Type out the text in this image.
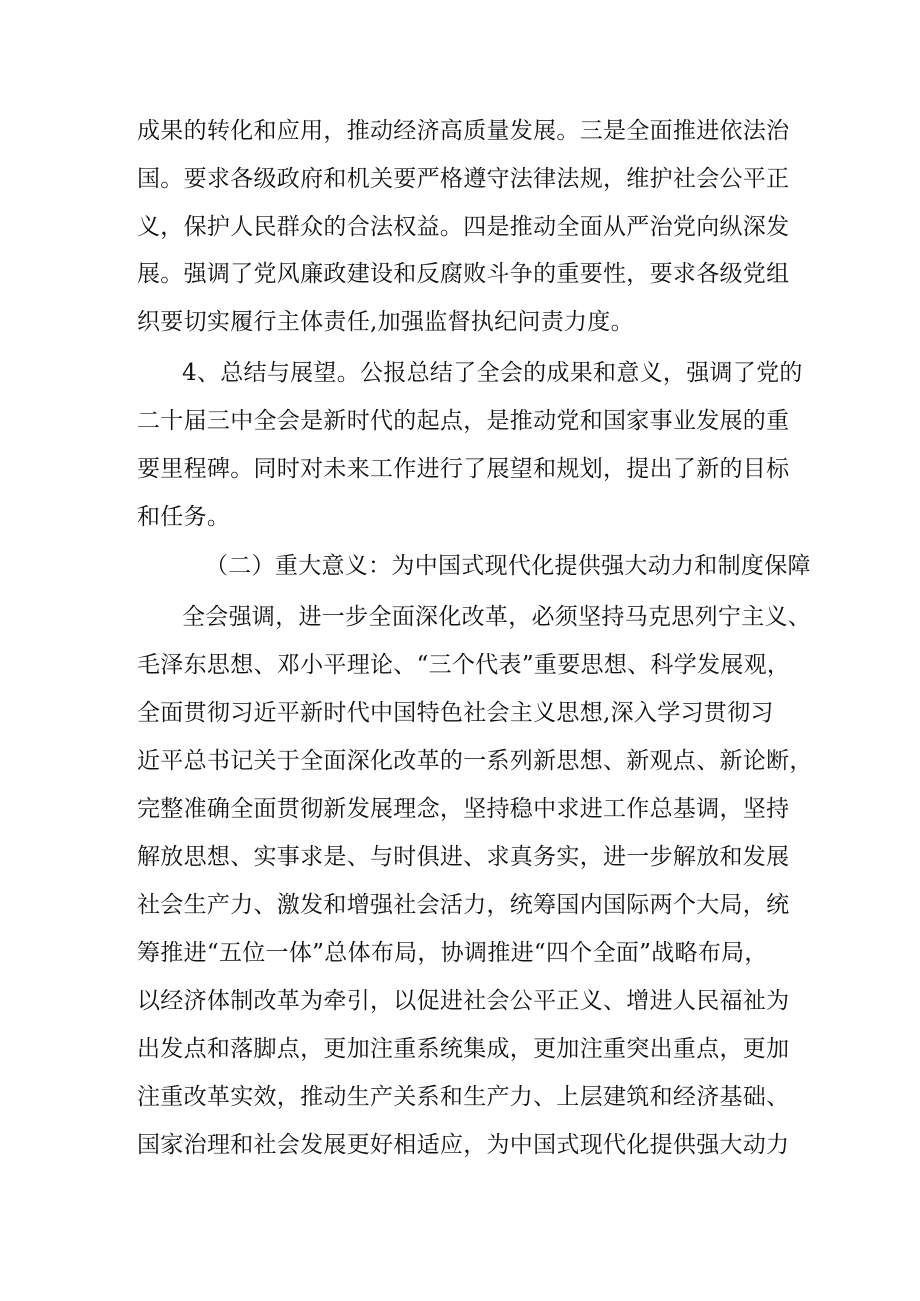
成果的转化和应用，推动经济高质量发展。三是全面推进依法治
国。要求各级政府和机关要严格遵守法律法规，维护社会公平正
义，保护人民群众的合法权益。四是推动全面从严治党向纵深发
展。强调了党风廉政建设和反腐败斗争的重要性，要求各级党组
织要切实履行主体责任,加强监督执纪问责力度。
4、总结与展望。公报总结了全会的成果和意义，强调了党的
二十届三中全会是新时代的起点，是推动党和国家事业发展的重
要里程碑。同时对未来工作进行了展望和规划，提出了新的目标
和任务。
（二）重大意义：为中国式现代化提供强大动力和制度保障
全会强调，进一步全面深化改革，必须坚持马克思列宁主义、
毛泽东思想、邓小平理论、“三个代表”重要思想、科学发展观，
全面贯彻习近平新时代中国特色社会主义思想,深入学习贯彻习
近平总书记关于全面深化改革的一系列新思想、新观点、新论断，
完整准确全面贯彻新发展理念，坚持稳中求进工作总基调，坚持
解放思想、实事求是、与时俱进、求真务实，进一步解放和发展
社会生产力、激发和增强社会活力，统筹国内国际两个大局，统
筹推进“五位一体”总体布局，协调推进“四个全面”战略布局，
以经济体制改革为牵引，以促进社会公平正义、增进人民福祉为
出发点和落脚点，更加注重系统集成，更加注重突出重点，更加
注重改革实效，推动生产关系和生产力、上层建筑和经济基础、
国家治理和社会发展更好相适应，为中国式现代化提供强大动力
